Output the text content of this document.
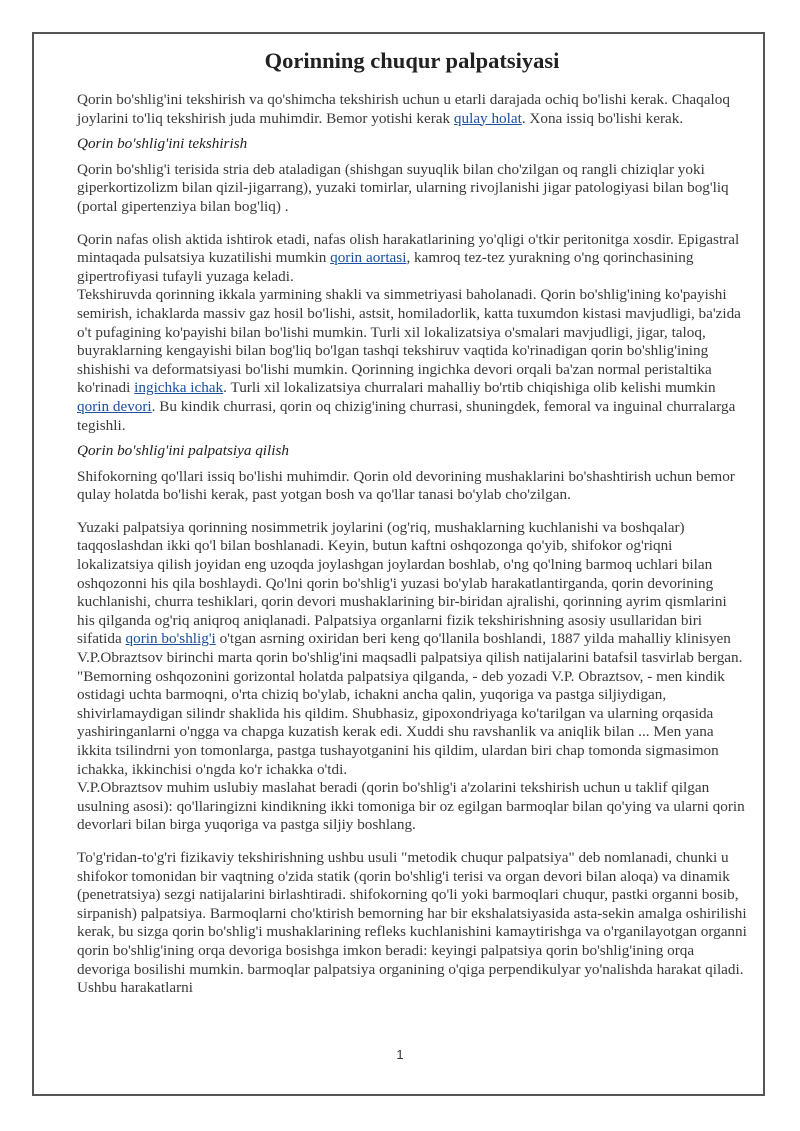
Qorinning chuqur palpatsiyasi

Qorin bo'shlig'ini tekshirish va qo'shimcha tekshirish uchun u etarli darajada ochiq bo'lishi kerak. Chaqaloq joylarini to'liq tekshirish juda muhimdir. Bemor yotishi kerak qulay holat. Xona issiq bo'lishi kerak.

Qorin bo'shlig'ini tekshirish

Qorin bo'shlig'i terisida stria deb ataladigan (shishgan suyuqlik bilan cho'zilgan oq rangli chiziqlar yoki giperkortizolizm bilan qizil-jigarrang), yuzaki tomirlar, ularning rivojlanishi jigar patologiyasi bilan bog'liq (portal gipertenziya bilan bog'liq) .

Qorin nafas olish aktida ishtirok etadi, nafas olish harakatlarining yo'qligi o'tkir peritonitga xosdir. Epigastral mintaqada pulsatsiya kuzatilishi mumkin qorin aortasi, kamroq tez-tez yurakning o'ng qorinchasining gipertrofiyasi tufayli yuzaga keladi.

Tekshiruvda qorinning ikkala yarmining shakli va simmetriyasi baholanadi. Qorin bo'shlig'ining ko'payishi semirish, ichaklarda massiv gaz hosil bo'lishi, astsit, homiladorlik, katta tuxumdon kistasi mavjudligi, ba'zida o't pufagining ko'payishi bilan bo'lishi mumkin. Turli xil lokalizatsiya o'smalari mavjudligi, jigar, taloq, buyraklarning kengayishi bilan bog'liq bo'lgan tashqi tekshiruv vaqtida ko'rinadigan qorin bo'shlig'ining shishishi va deformatsiyasi bo'lishi mumkin. Qorinning ingichka devori orqali ba'zan normal peristaltika ko'rinadi ingichka ichak. Turli xil lokalizatsiya churralari mahalliy bo'rtib chiqishiga olib kelishi mumkin qorin devori. Bu kindik churrasi, qorin oq chizig'ining churrasi, shuningdek, femoral va inguinal churralarga tegishli.

Qorin bo'shlig'ini palpatsiya qilish

Shifokorning qo'llari issiq bo'lishi muhimdir. Qorin old devorining mushaklarini bo'shashtirish uchun bemor qulay holatda bo'lishi kerak, past yotgan bosh va qo'llar tanasi bo'ylab cho'zilgan.

Yuzaki palpatsiya qorinning nosimmetrik joylarini (og'riq, mushaklarning kuchlanishi va boshqalar) taqqoslashdan ikki qo'l bilan boshlanadi. Keyin, butun kaftni oshqozonga qo'yib, shifokor og'riqni lokalizatsiya qilish joyidan eng uzoqda joylashgan joylardan boshlab, o'ng qo'lning barmoq uchlari bilan oshqozonni his qila boshlaydi. Qo'lni qorin bo'shlig'i yuzasi bo'ylab harakatlantirganda, qorin devorining kuchlanishi, churra teshiklari, qorin devori mushaklarining bir-biridan ajralishi, qorinning ayrim qismlarini his qilganda og'riq aniqroq aniqlanadi. Palpatsiya organlarni fizik tekshirishning asosiy usullaridan biri sifatida qorin bo'shlig'i o'tgan asrning oxiridan beri keng qo'llanila boshlandi, 1887 yilda mahalliy klinisyen V.P.Obraztsov birinchi marta qorin bo'shlig'ini maqsadli palpatsiya qilish natijalarini batafsil tasvirlab bergan. "Bemorning oshqozonini gorizontal holatda palpatsiya qilganda, - deb yozadi V.P. Obraztsov, - men kindik ostidagi uchta barmoqni, o'rta chiziq bo'ylab, ichakni ancha qalin, yuqoriga va pastga siljiydigan, shivirlamaydigan silindr shaklida his qildim. Shubhasiz, gipoxondriyaga ko'tarilgan va ularning orqasida yashiringanlarni o'ngga va chapga kuzatish kerak edi. Xuddi shu ravshanlik va aniqlik bilan ... Men yana ikkita tsilindrni yon tomonlarga, pastga tushayotganini his qildim, ulardan biri chap tomonda sigmasimon ichakka, ikkinchisi o'ngda ko'r ichakka o'tdi.

V.P.Obraztsov muhim uslubiy maslahat beradi (qorin bo'shlig'i a'zolarini tekshirish uchun u taklif qilgan usulning asosi): qo'llaringizni kindikning ikki tomoniga bir oz egilgan barmoqlar bilan qo'ying va ularni qorin devorlari bilan birga yuqoriga va pastga siljiy boshlang.

To'g'ridan-to'g'ri fizikaviy tekshirishning ushbu usuli "metodik chuqur palpatsiya" deb nomlanadi, chunki u shifokor tomonidan bir vaqtning o'zida statik (qorin bo'shlig'i terisi va organ devori bilan aloqa) va dinamik (penetratsiya) sezgi natijalarini birlashtiradi. shifokorning qo'li yoki barmoqlari chuqur, pastki organni bosib, sirpanish) palpatsiya. Barmoqlarni cho'ktirish bemorning har bir ekshalatsiyasida asta-sekin amalga oshirilishi kerak, bu sizga qorin bo'shlig'i mushaklarining refleks kuchlanishini kamaytirishga va o'rganilayotgan organni qorin bo'shlig'ining orqa devoriga bosishga imkon beradi: keyingi palpatsiya qorin bo'shlig'ining orqa devoriga bosilishi mumkin. barmoqlar palpatsiya organining o'qiga perpendikulyar yo'nalishda harakat qiladi. Ushbu harakatlarni

1
